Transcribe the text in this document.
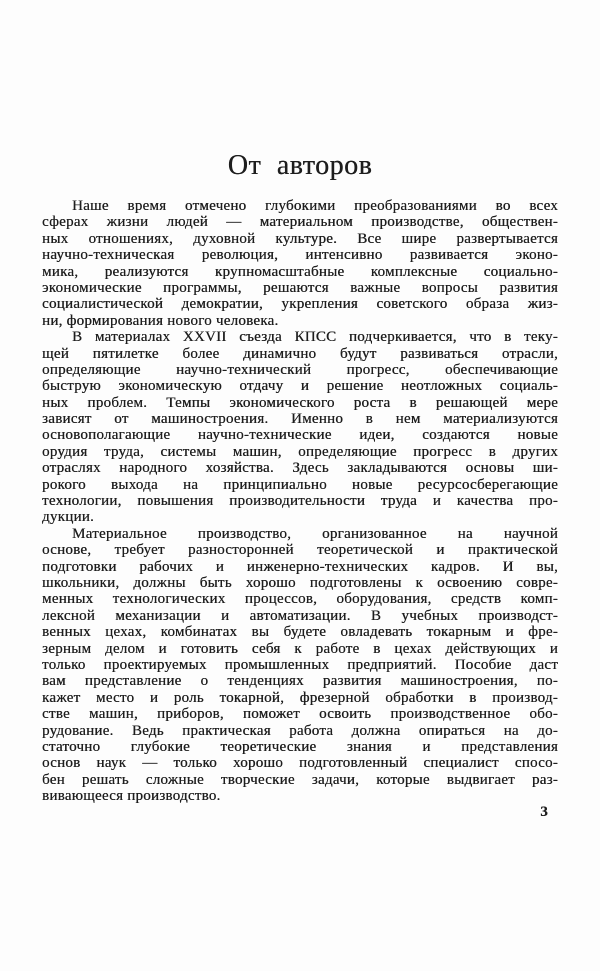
От авторов

Наше время отмечено глубокими преобразованиями во всех
сферах жизни людей — материальном производстве, обществен-
ных отношениях, духовной культуре. Все шире развертывается
научно-техническая революция, интенсивно развивается эконо-
мика, реализуются крупномасштабные комплексные социально-
экономические программы, решаются важные вопросы развития
социалистической демократии, укрепления советского образа жиз-
ни, формирования нового человека.

В материалах XXVII съезда КПСС подчеркивается, что в теку-
щей пятилетке более динамично будут развиваться отрасли,
определяющие научно-технический прогресс, обеспечивающие
быструю экономическую отдачу и решение неотложных социаль-
ных проблем. Темпы экономического роста в решающей мере
зависят от машиностроения. Именно в нем материализуются
основополагающие научно-технические идеи, создаются новые
орудия труда, системы машин, определяющие прогресс в других
отраслях народного хозяйства. Здесь закладываются основы ши-
рокого выхода на принципиально новые ресурсосберегающие
технологии, повышения производительности труда и качества про-
дукции.

Материальное производство, организованное на научной
основе, требует разносторонней теоретической и практической
подготовки рабочих и инженерно-технических кадров. И вы,
школьники, должны быть хорошо подготовлены к освоению совре-
менных технологических процессов, оборудования, средств комп-
лексной механизации и автоматизации. В учебных производст-
венных цехах, комбинатах вы будете овладевать токарным и фре-
зерным делом и готовить себя к работе в цехах действующих и
только проектируемых промышленных предприятий. Пособие даст
вам представление о тенденциях развития машиностроения, по-
кажет место и роль токарной, фрезерной обработки в производ-
стве машин, приборов, поможет освоить производственное обо-
рудование. Ведь практическая работа должна опираться на до-
статочно глубокие теоретические знания и представления
основ наук — только хорошо подготовленный специалист спосо-
бен решать сложные творческие задачи, которые выдвигает раз-
вивающееся производство.

3
